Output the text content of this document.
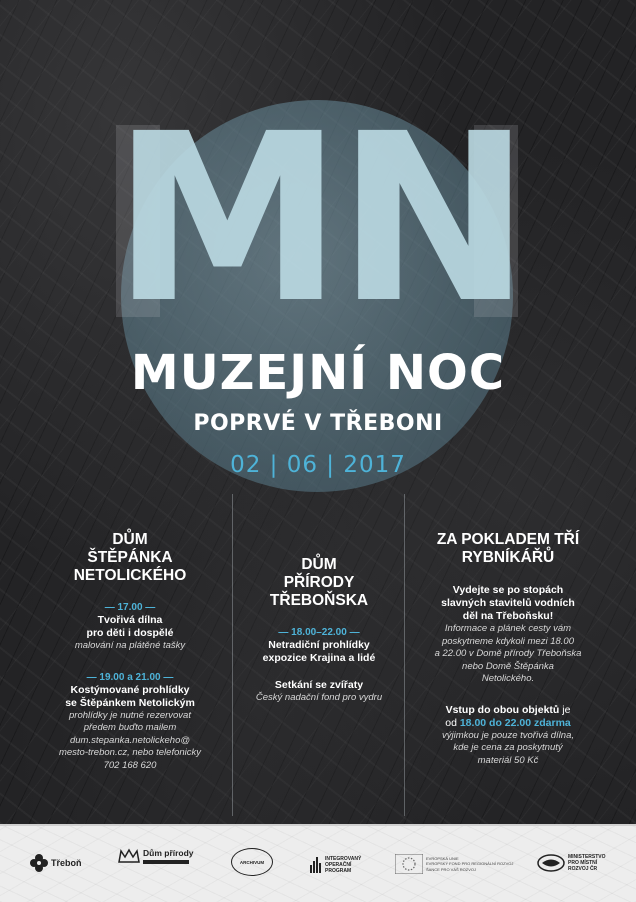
MN
MUZEJNÍ NOC
POPRVÉ V TŘEBONI
02 | 06 | 2017
DŮM
ŠTĚPÁNKA
NETOLICKÉHO
— 17.00 —
Tvořivá dílna
pro děti i dospělé
malování na plátěné tašky
— 19.00 a 21.00 —
Kostýmované prohlídky
se Štěpánkem Netolickým
prohlídky je nutné rezervovat
předem buďto mailem
dum.stepanka.netolickeho@
mesto-trebon.cz, nebo telefonicky
702 168 620
DŮM
PŘÍRODY
TŘEBOŇSKA
— 18.00–22.00 —
Netradiční prohlídky
expozice Krajina a lidé
Setkání se zvířaty
Český nadační fond pro vydru
ZA POKLADEM TŘÍ
RYBNÍKÁŘŮ
Vydejte se po stopách
slavných stavitelů vodních
děl na Třeboňsku!
Informace a plánek cesty vám
poskytneme kdykoli mezi 18.00
a 22.00 v Domě přírody Třeboňska
nebo Domě Štěpánka
Netolického.
Vstup do obou objektů je
od 18.00 do 22.00 zdarma
výjimkou je pouze tvořivá dílna,
kde je cena za poskytnutý
materiál 50 Kč
Třeboň
Dům přírody
ARCHIVUM	INTEGROVANÝ
OPERAČNÍ
PROGRAM
EVROPSKÁ UNIE
EVROPSKÝ FOND PRO REGIONÁLNÍ ROZVOJ
ŠANCE PRO VÁŠ ROZVOJ
MINISTERSTVO
PRO MÍSTNÍ
ROZVOJ ČR
